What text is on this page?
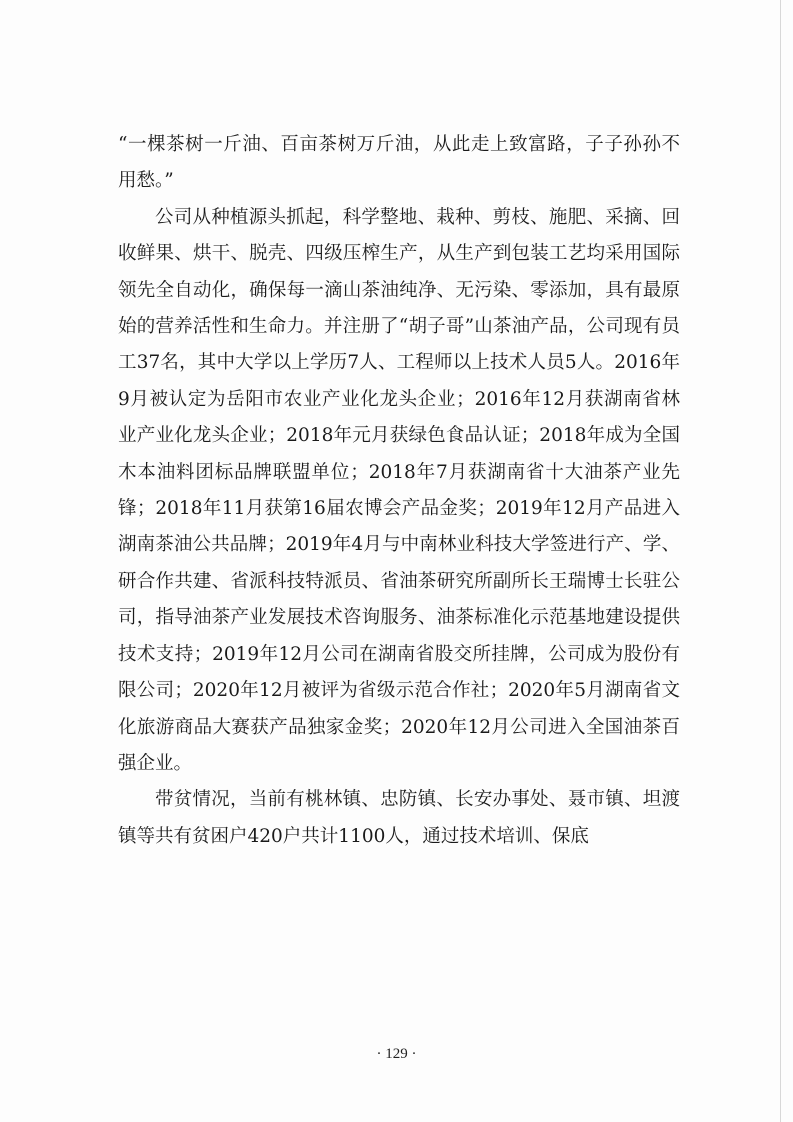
“一棵茶树一斤油、百亩茶树万斤油，从此走上致富路，子子孙孙不用愁。”

公司从种植源头抓起，科学整地、栽种、剪枝、施肥、采摘、回收鲜果、烘干、脱壳、四级压榨生产，从生产到包装工艺均采用国际领先全自动化，确保每一滴山茶油纯净、无污染、零添加，具有最原始的营养活性和生命力。并注册了“胡子哥”山茶油产品，公司现有员工37名，其中大学以上学历7人、工程师以上技术人员5人。2016年9月被认定为岳阳市农业产业化龙头企业；2016年12月获湖南省林业产业化龙头企业；2018年元月获绿色食品认证；2018年成为全国木本油料团标品牌联盟单位；2018年7月获湖南省十大油茶产业先锋；2018年11月获第16届农博会产品金奖；2019年12月产品进入湖南茶油公共品牌；2019年4月与中南林业科技大学签进行产、学、研合作共建、省派科技特派员、省油茶研究所副所长王瑞博士长驻公司，指导油茶产业发展技术咨询服务、油茶标准化示范基地建设提供技术支持；2019年12月公司在湖南省股交所挂牌，公司成为股份有限公司；2020年12月被评为省级示范合作社；2020年5月湖南省文化旅游商品大赛获产品独家金奖；2020年12月公司进入全国油茶百强企业。

带贫情况，当前有桃林镇、忠防镇、长安办事处、聂市镇、坦渡镇等共有贫困户420户共计1100人，通过技术培训、保底

· 129 ·
